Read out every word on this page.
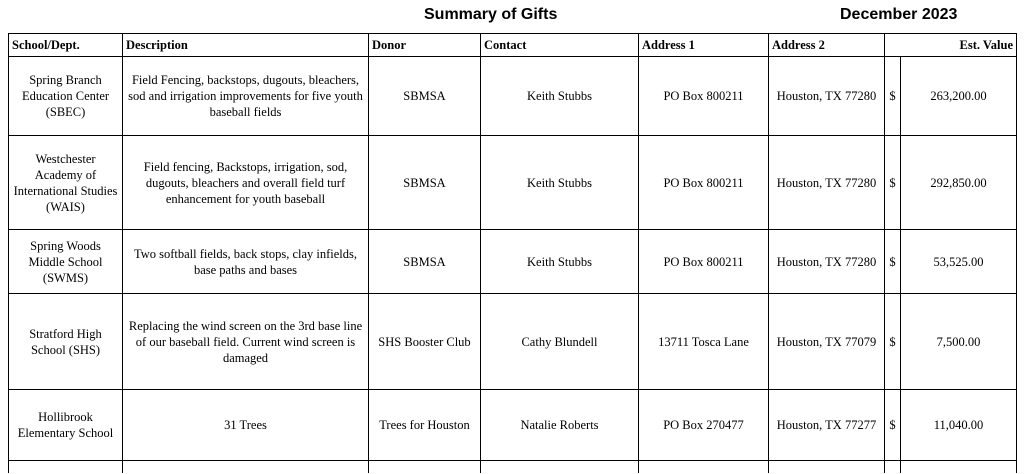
Summary of Gifts	December 2023
School/Dept.	Description	Donor	Contact	Address 1	Address 2	Est. Value	
Spring Branch Education Center (SBEC)	Field Fencing, backstops, dugouts, bleachers, sod and irrigation improvements for five youth baseball fields	SBMSA	Keith Stubbs	PO Box 800211	Houston, TX 77280	$	263,200.00
Westchester Academy of International Studies (WAIS)	Field fencing, Backstops, irrigation, sod, dugouts, bleachers and overall field turf enhancement for youth baseball	SBMSA	Keith Stubbs	PO Box 800211	Houston, TX 77280	$	292,850.00
Spring Woods Middle School (SWMS)	Two softball fields, back stops, clay infields, base paths and bases	SBMSA	Keith Stubbs	PO Box 800211	Houston, TX 77280	$	53,525.00
Stratford High School (SHS)	Replacing the wind screen on the 3rd base line of our baseball field. Current wind screen is damaged	SHS Booster Club	Cathy Blundell	13711 Tosca Lane	Houston, TX 77079	$	7,500.00
Hollibrook Elementary School	31 Trees	Trees for Houston	Natalie Roberts	PO Box 270477	Houston, TX 77277	$	11,040.00
